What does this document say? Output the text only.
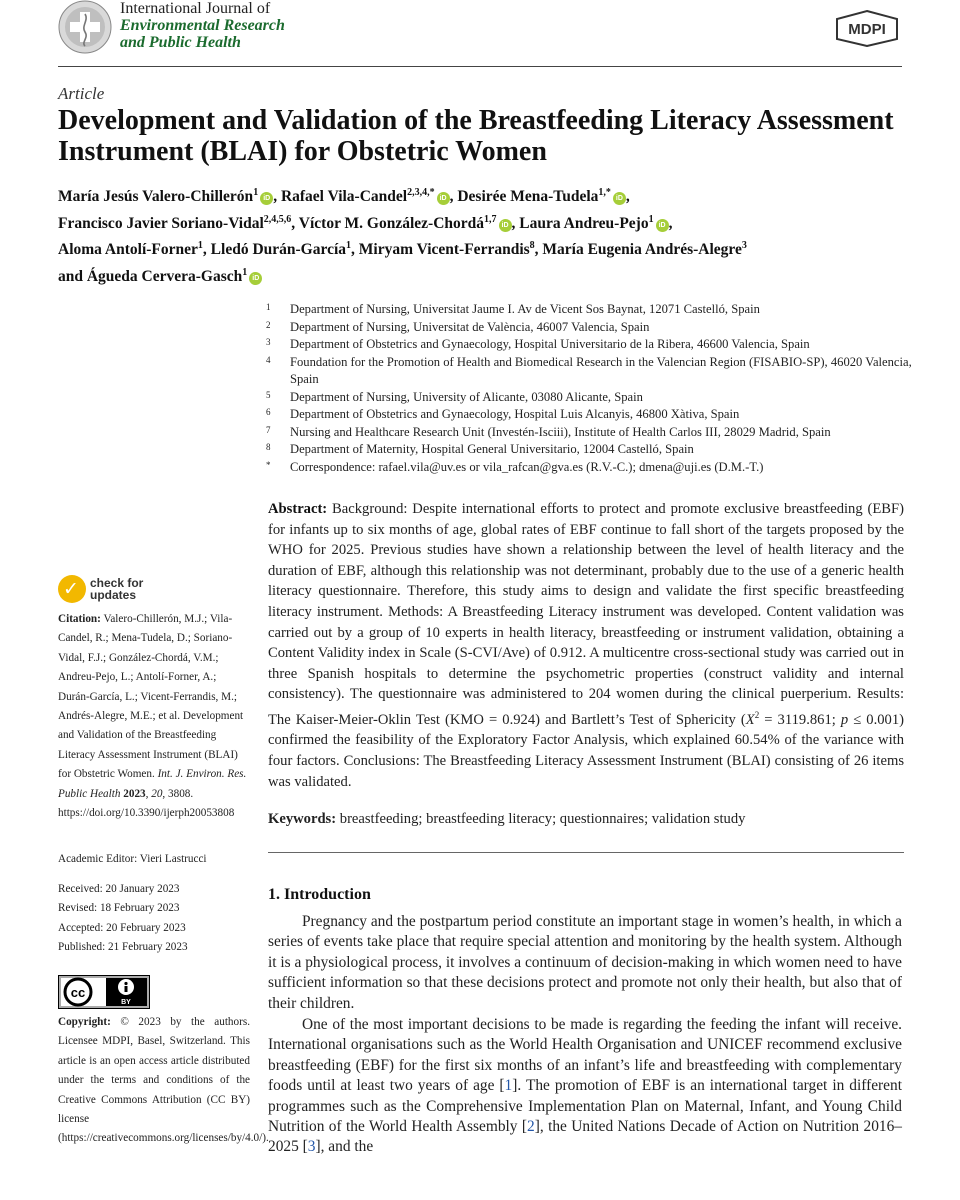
International Journal of
Environmental Research
and Public Health
MDPI
Article
Development and Validation of the Breastfeeding Literacy Assessment Instrument (BLAI) for Obstetric Women
María Jesús Valero-Chillerón$^1$iD , Rafael Vila-Candel$^{2,3,4,*}$iD , Desirée Mena-Tudela$^{1,*}$iD ,
Francisco Javier Soriano-Vidal$^{2,4,5,6}$, Víctor M. González-Chordá$^{1,7}$iD , Laura Andreu-Pejo$^1$iD ,
Aloma Antolí-Forner$^1$, Lledó Durán-García$^1$, Miryam Vicent-Ferrandis$^8$, María Eugenia Andrés-Alegre$^3$
and Águeda Cervera-Gasch$^1$iD
1	Department of Nursing, Universitat Jaume I. Av de Vicent Sos Baynat, 12071 Castelló, Spain
2	Department of Nursing, Universitat de València, 46007 Valencia, Spain
3	Department of Obstetrics and Gynaecology, Hospital Universitario de la Ribera, 46600 Valencia, Spain
4	Foundation for the Promotion of Health and Biomedical Research in the Valencian Region (FISABIO-SP), 46020 Valencia, Spain
5	Department of Nursing, University of Alicante, 03080 Alicante, Spain
6	Department of Obstetrics and Gynaecology, Hospital Luis Alcanyis, 46800 Xàtiva, Spain
7	Nursing and Healthcare Research Unit (Investén-Isciii), Institute of Health Carlos III, 28029 Madrid, Spain
8	Department of Maternity, Hospital General Universitario, 12004 Castelló, Spain
*	Correspondence: rafael.vila@uv.es or vila_rafcan@gva.es (R.V.-C.); dmena@uji.es (D.M.-T.)
Abstract: Background: Despite international efforts to protect and promote exclusive breastfeeding (EBF) for infants up to six months of age, global rates of EBF continue to fall short of the targets proposed by the WHO for 2025. Previous studies have shown a relationship between the level of health literacy and the duration of EBF, although this relationship was not determinant, probably due to the use of a generic health literacy questionnaire. Therefore, this study aims to design and validate the first specific breastfeeding literacy instrument. Methods: A Breastfeeding Literacy instrument was developed. Content validation was carried out by a group of 10 experts in health literacy, breastfeeding or instrument validation, obtaining a Content Validity index in Scale (S-CVI/Ave) of 0.912. A multicentre cross-sectional study was carried out in three Spanish hospitals to determine the psychometric properties (construct validity and internal consistency). The questionnaire was administered to 204 women during the clinical puerperium. Results: The Kaiser-Meier-Oklin Test (KMO = 0.924) and Bartlett’s Test of Sphericity ($X^2 = 3119.861$; p ≤ 0.001) confirmed the feasibility of the Exploratory Factor Analysis, which explained 60.54% of the variance with four factors. Conclusions: The Breastfeeding Literacy Assessment Instrument (BLAI) consisting of 26 items was validated.
Keywords: breastfeeding; breastfeeding literacy; questionnaires; validation study
✓ check for
updates
Citation: Valero-Chillerón, M.J.; Vila-Candel, R.; Mena-Tudela, D.; Soriano-Vidal, F.J.; González-Chordá, V.M.; Andreu-Pejo, L.; Antolí-Forner, A.; Durán-García, L.; Vicent-Ferrandis, M.; Andrés-Alegre, M.E.; et al. Development and Validation of the Breastfeeding Literacy Assessment Instrument (BLAI) for Obstetric Women. Int. J. Environ. Res. Public Health 2023, 20, 3808. https://doi.org/10.3390/ijerph20053808
Academic Editor: Vieri Lastrucci
Received: 20 January 2023
Revised: 18 February 2023
Accepted: 20 February 2023
Published: 21 February 2023
cc
BY
Copyright: © 2023 by the authors. Licensee MDPI, Basel, Switzerland. This article is an open access article distributed under the terms and conditions of the Creative Commons Attribution (CC BY) license (https://creativecommons.org/licenses/by/4.0/).
1. Introduction
Pregnancy and the postpartum period constitute an important stage in women’s health, in which a series of events take place that require special attention and monitoring by the health system. Although it is a physiological process, it involves a continuum of decision-making in which women need to have sufficient information so that these decisions protect and promote not only their health, but also that of their children.
One of the most important decisions to be made is regarding the feeding the infant will receive. International organisations such as the World Health Organisation and UNICEF recommend exclusive breastfeeding (EBF) for the first six months of an infant’s life and breastfeeding with complementary foods until at least two years of age [1]. The promotion of EBF is an international target in different programmes such as the Comprehensive Implementation Plan on Maternal, Infant, and Young Child Nutrition of the World Health Assembly [2], the United Nations Decade of Action on Nutrition 2016–2025 [3], and the
